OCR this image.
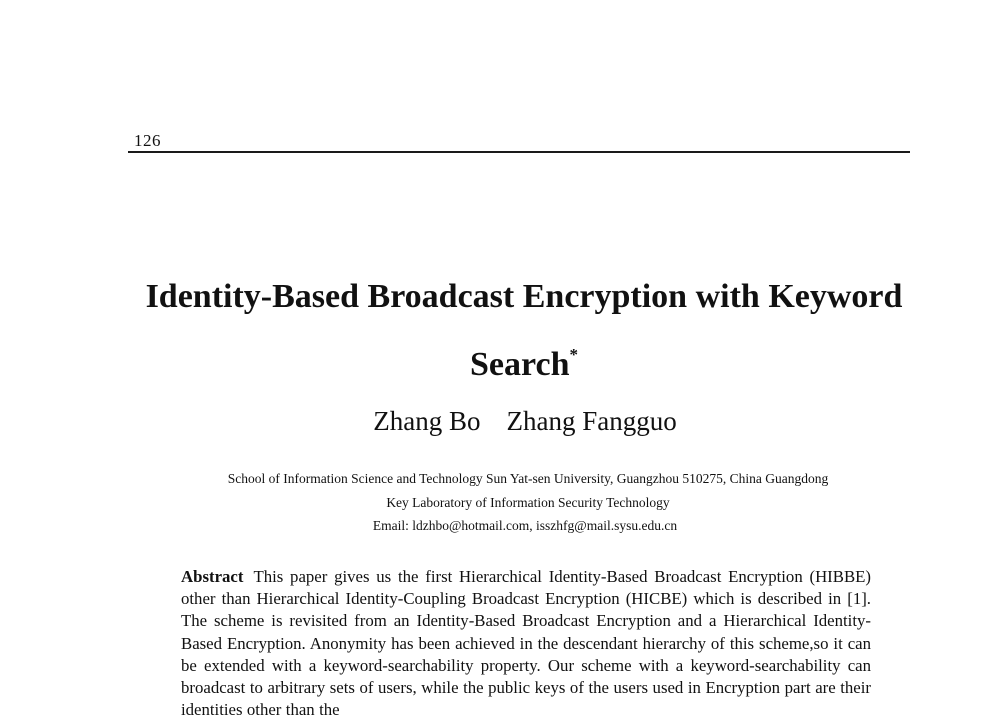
126
Identity-Based Broadcast Encryption with Keyword
Search*
Zhang Bo Zhang Fangguo
School of Information Science and Technology Sun Yat-sen University, Guangzhou 510275, China Guangdong
Key Laboratory of Information Security Technology
Email: ldzhbo@hotmail.com, isszhfg@mail.sysu.edu.cn
Abstract This paper gives us the first Hierarchical Identity-Based Broadcast Encryption (HIBBE) other than Hierarchical Identity-Coupling Broadcast Encryption (HICBE) which is described in [1]. The scheme is revisited from an Identity-Based Broadcast Encryption and a Hierarchical Identity-Based Encryption. Anonymity has been achieved in the descendant hierarchy of this scheme,so it can be extended with a keyword-searchability property. Our scheme with a keyword-searchability can broadcast to arbitrary sets of users, while the public keys of the users used in Encryption part are their identities other than the
